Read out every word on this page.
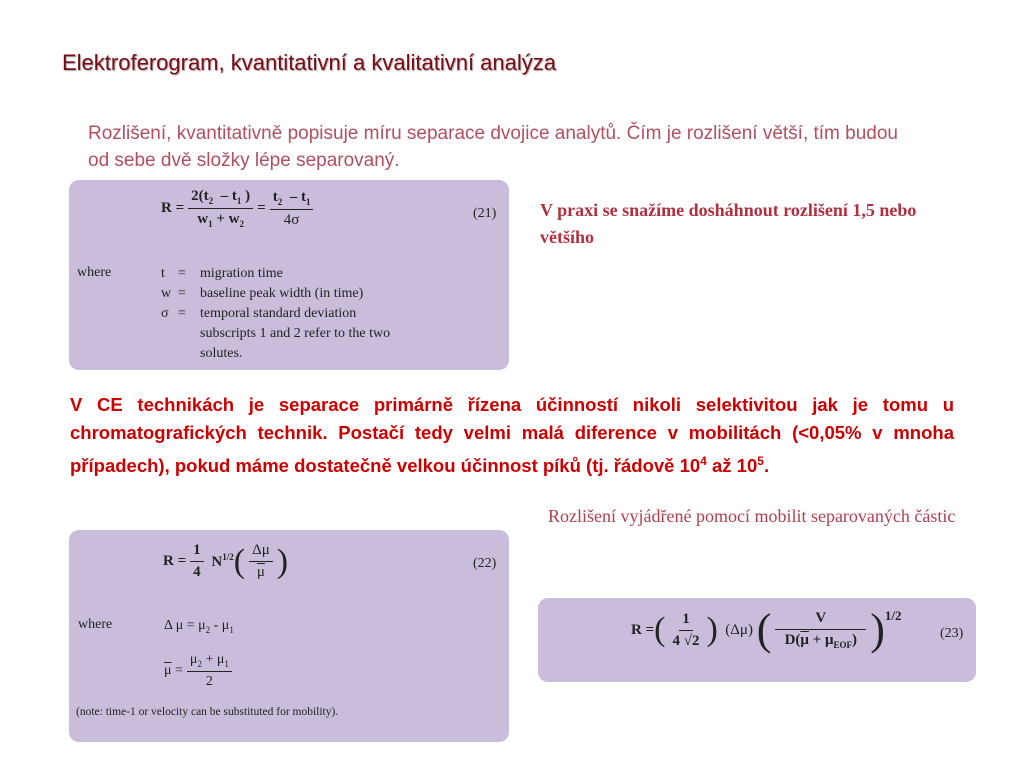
Elektroferogram, kvantitativní a kvalitativní analýza
Rozlišení, kvantitativně popisuje míru separace dvojice analytů. Čím je rozlišení větší, tím budou od sebe dvě složky lépe separovaný.
$R = \frac{2(t_2 - t_1 )}{w_1 + w_2} = \frac{t_2 - t_1}{4\sigma}$	(21)
where	t =	migration time
w =	baseline peak width (in time)
σ =	temporal standard deviation
subscripts 1 and 2 refer to the two
solutes.
V praxi se snažíme dosháhnout rozlišení 1,5 nebo většího
V CE technikách je separace primárně řízena účinností nikoli selektivitou jak je tomu u chromatografických technik. Postačí tedy velmi malá diference v mobilitách (<0,05% v mnoha případech), pokud máme dostatečně velkou účinnost píků (tj. řádově $10^4$ až $10^5$.
Rozlišení vyjádřené pomocí mobilit separovaných částic
$R = \frac{1}{4} N^{1/2}$ ( $\frac{\Delta\mu}{\mu}$ )	(22)
where	Δ $\mu = \mu_2 - \mu_1$
$\overline{\mu} = \frac{\mu_2 + \mu_1}{2}$
(note: time-1 or velocity can be substituted for mobility).
R = ( $\frac{1}{4 √2}$ ) (Δμ) ( $\frac{V}{D(\overline{\mu} + \mu_{EOF})}$ ) 1/2
(23)
